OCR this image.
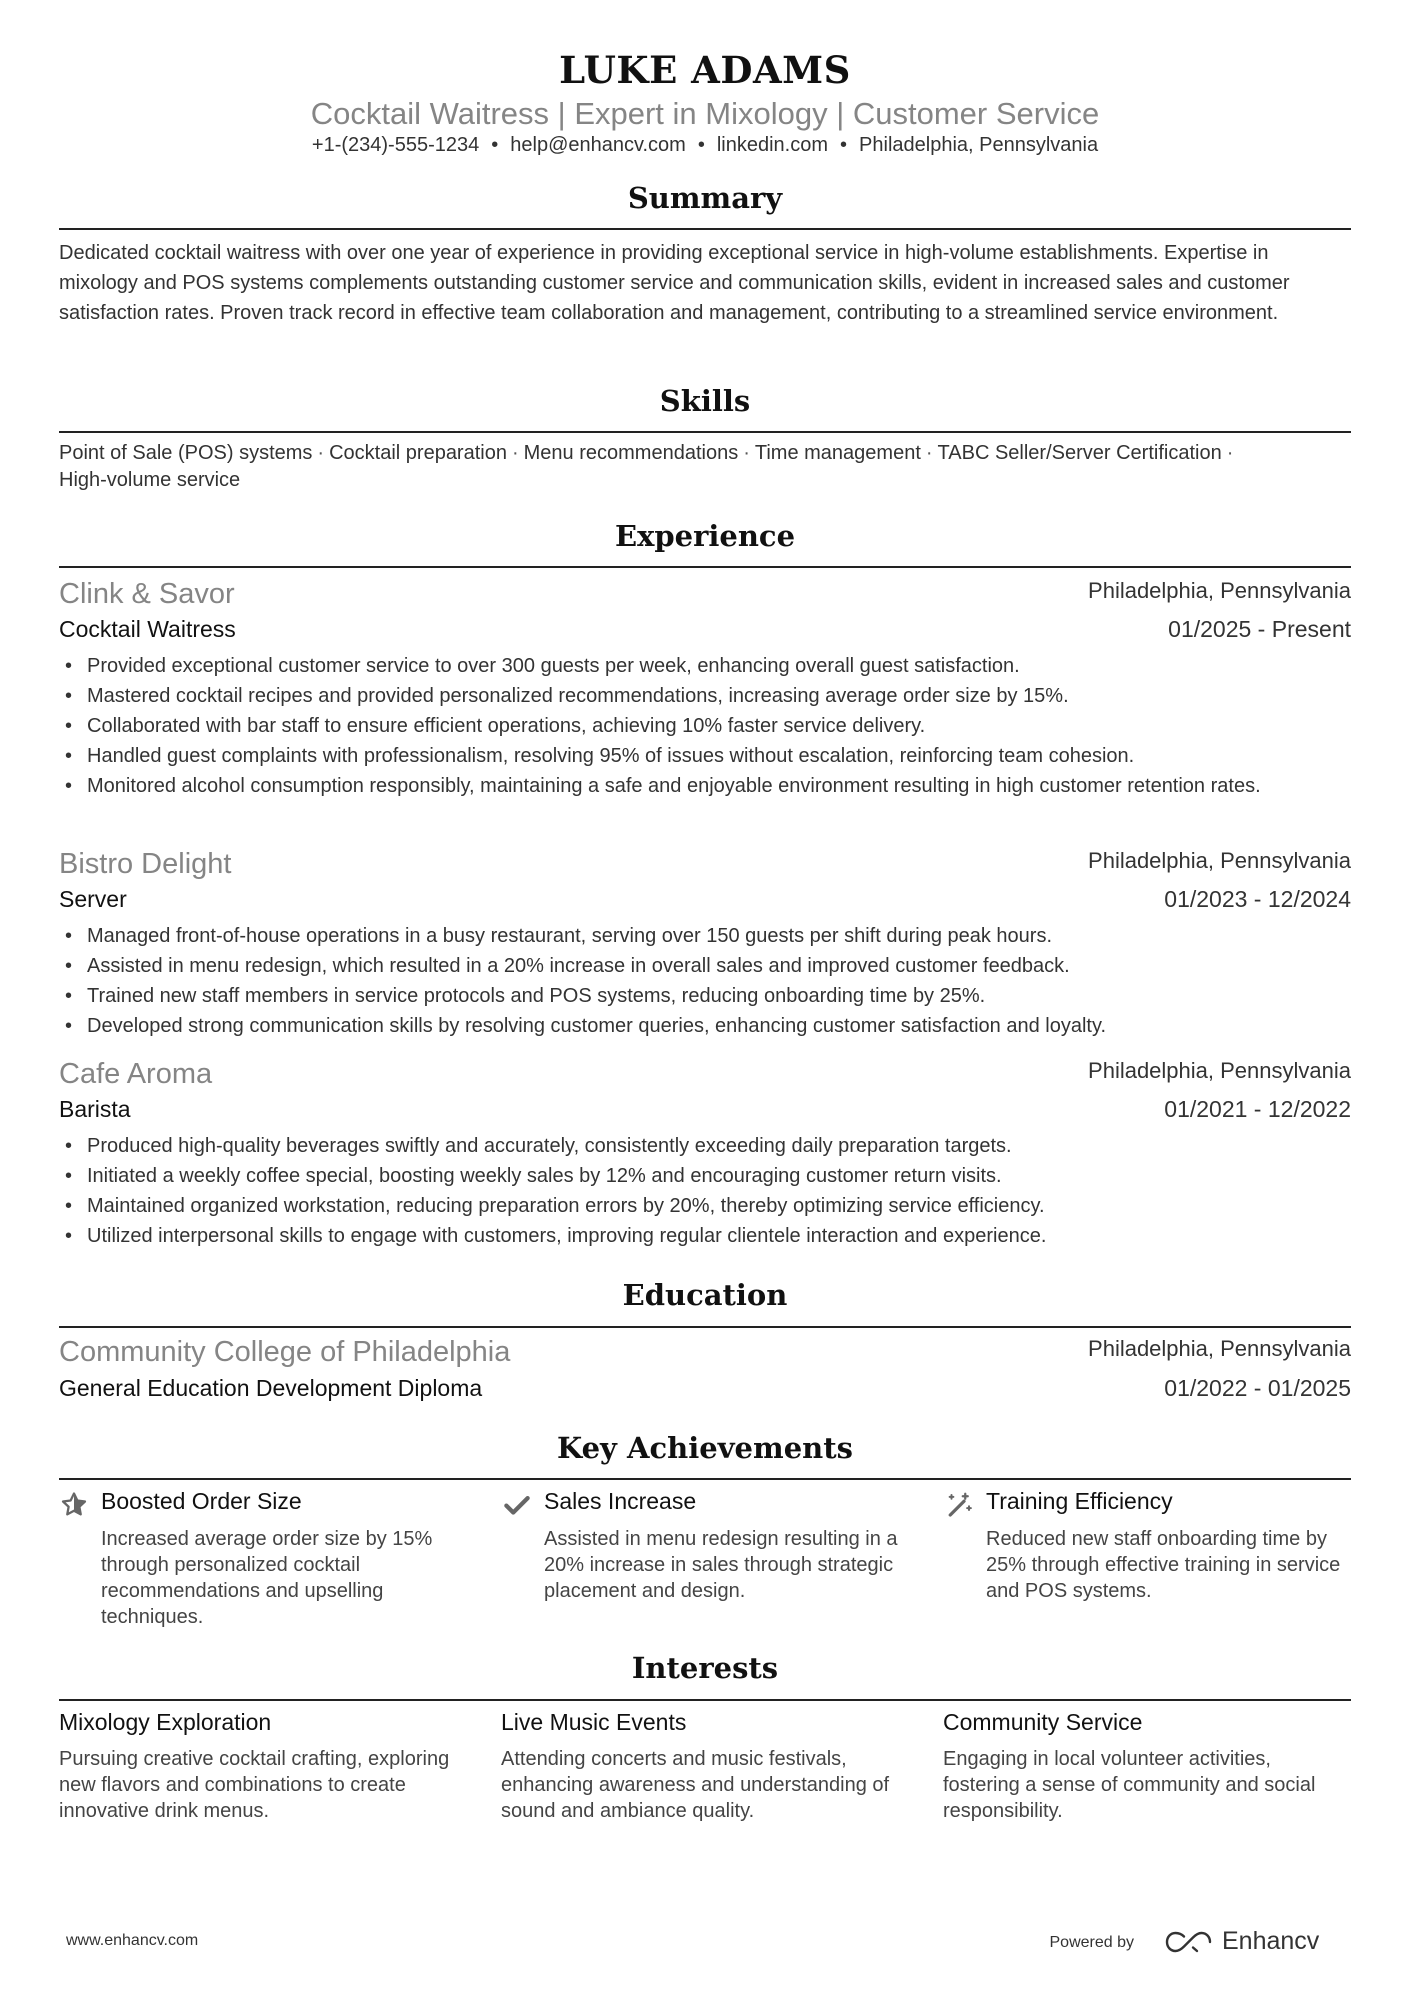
LUKE ADAMS
Cocktail Waitress | Expert in Mixology | Customer Service
+1-(234)-555-1234 • help@enhancv.com • linkedin.com • Philadelphia, Pennsylvania
Summary
Dedicated cocktail waitress with over one year of experience in providing exceptional service in high-volume establishments. Expertise in mixology and POS systems complements outstanding customer service and communication skills, evident in increased sales and customer satisfaction rates. Proven track record in effective team collaboration and management, contributing to a streamlined service environment.
Skills
Point of Sale (POS) systems · Cocktail preparation · Menu recommendations · Time management · TABC Seller/Server Certification ·
High-volume service
Experience
Clink & Savor	Philadelphia, Pennsylvania
Cocktail Waitress	01/2025 - Present
• Provided exceptional customer service to over 300 guests per week, enhancing overall guest satisfaction.
• Mastered cocktail recipes and provided personalized recommendations, increasing average order size by 15%.
• Collaborated with bar staff to ensure efficient operations, achieving 10% faster service delivery.
• Handled guest complaints with professionalism, resolving 95% of issues without escalation, reinforcing team cohesion.
• Monitored alcohol consumption responsibly, maintaining a safe and enjoyable environment resulting in high customer retention rates.
Bistro Delight	Philadelphia, Pennsylvania
Server	01/2023 - 12/2024
• Managed front-of-house operations in a busy restaurant, serving over 150 guests per shift during peak hours.
• Assisted in menu redesign, which resulted in a 20% increase in overall sales and improved customer feedback.
• Trained new staff members in service protocols and POS systems, reducing onboarding time by 25%.
• Developed strong communication skills by resolving customer queries, enhancing customer satisfaction and loyalty.
Cafe Aroma	Philadelphia, Pennsylvania
Barista	01/2021 - 12/2022
• Produced high-quality beverages swiftly and accurately, consistently exceeding daily preparation targets.
• Initiated a weekly coffee special, boosting weekly sales by 12% and encouraging customer return visits.
• Maintained organized workstation, reducing preparation errors by 20%, thereby optimizing service efficiency.
• Utilized interpersonal skills to engage with customers, improving regular clientele interaction and experience.
Education
Community College of Philadelphia	Philadelphia, Pennsylvania
General Education Development Diploma	01/2022 - 01/2025
Key Achievements
Boosted Order Size
Increased average order size by 15% through personalized cocktail recommendations and upselling techniques.
Sales Increase
Assisted in menu redesign resulting in a 20% increase in sales through strategic placement and design.
Training Efficiency
Reduced new staff onboarding time by 25% through effective training in service and POS systems.
Interests
Mixology Exploration
Pursuing creative cocktail crafting, exploring new flavors and combinations to create innovative drink menus.
Live Music Events
Attending concerts and music festivals, enhancing awareness and understanding of sound and ambiance quality.
Community Service
Engaging in local volunteer activities, fostering a sense of community and social responsibility.
www.enhancv.com	Powered by	Enhancv
